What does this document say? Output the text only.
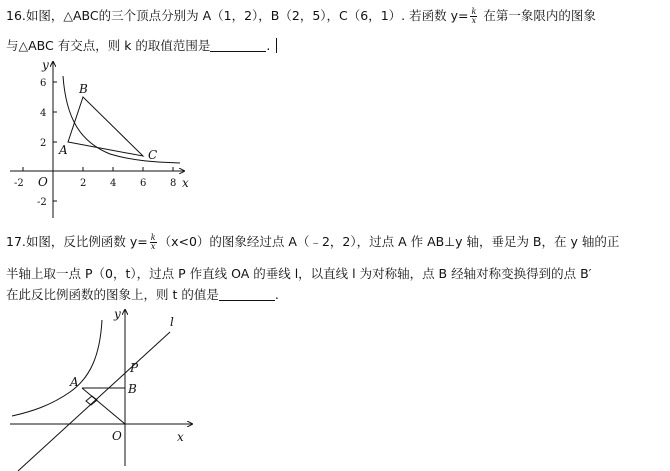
16.如图，△ABC的三个顶点分别为 A（1，2），B（2，5），C（6，1）. 若函数 $y= \frac{k}{x}$ 在第一象限内的图象
与△ABC 有交点，则 k 的取值范围是	.
-2	2 4 6 8
6
4
2
-2
O	x
y
A
B
C
17.如图，反比例函数 $y= \frac{k}{x} (x<0)$的图象经过点 A（﹣2，2），过点 A 作 AB⊥y 轴，垂足为 B，在 y 轴的正
半轴上取一点 P（0，t），过点 P 作直线 OA 的垂线 l，以直线 l 为对称轴，点 B 经轴对称变换得到的点 B′
在此反比例函数的图象上，则 t 的值是	.
O	x
y
l
A	B
P
